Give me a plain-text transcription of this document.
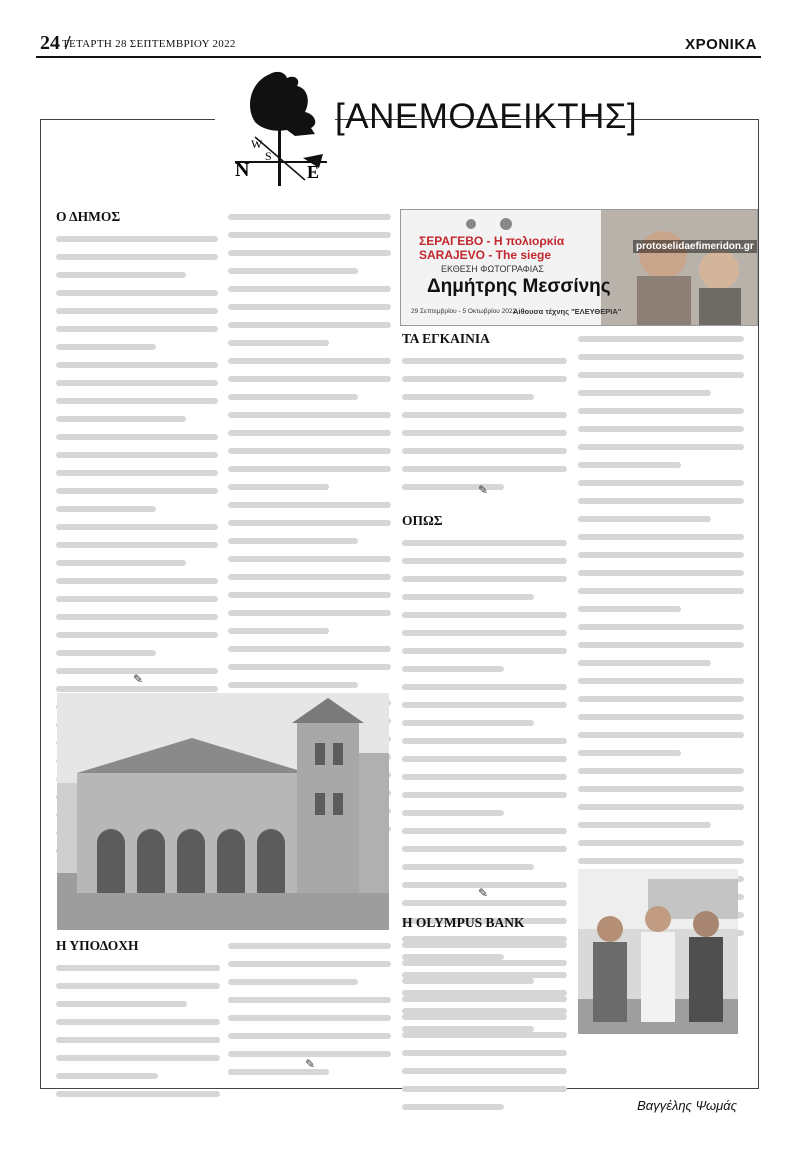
24 /
ΤΕΤΑΡΤΗ 28 ΣΕΠΤΕΜΒΡΙΟΥ 2022	ΧΡΟΝΙΚΑ
N	E
W
S
[ΑΝΕΜΟΔΕΙΚΤΗΣ]
Ο ΔΗΜΟΣ
✎
Η ΥΠΟΔΟΧΗ
✎
ΣΕΡΑΓΕΒΟ - Η πολιορκία
SARAJEVO - The siege
ΕΚΘΕΣΗ ΦΩΤΟΓΡΑΦΙΑΣ
Δημήτρης Μεσσίνης
29 Σεπτεμβρίου - 5 Οκτωβρίου 2022
Αίθουσα τέχνης "ΕΛΕΥΘΕΡΙΑ"
protoselidaefimeridon.gr
ΤΑ ΕΓΚΑΙΝΙΑ
✎
ΟΠΩΣ
✎
Η OLYMPUS BANK
Βαγγέλης Ψωμάς
